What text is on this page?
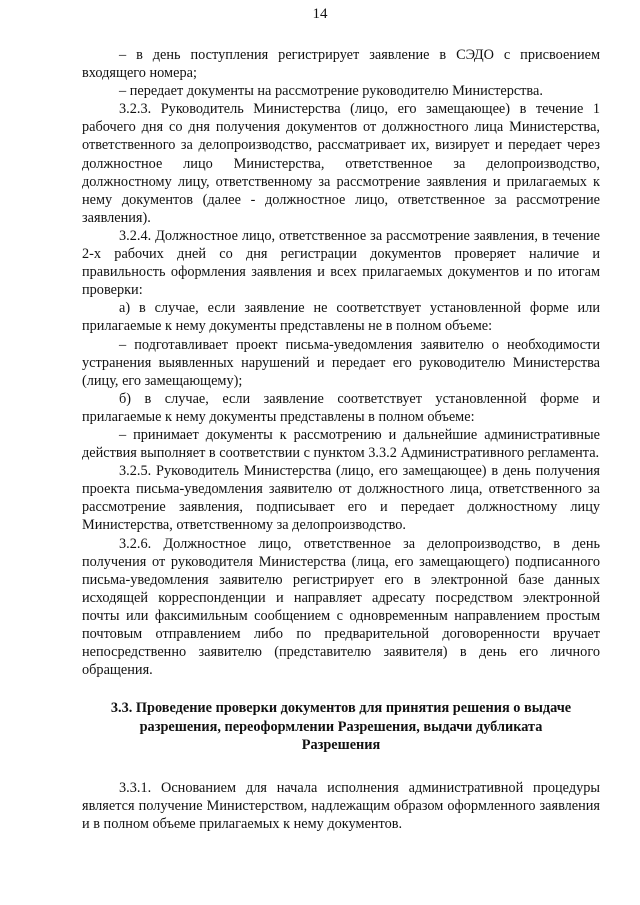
14

– в день поступления регистрирует заявление в СЭДО с присвоением входящего номера;

– передает документы на рассмотрение руководителю Министерства.

3.2.3. Руководитель Министерства (лицо, его замещающее) в течение 1 рабочего дня со дня получения документов от должностного лица Министерства, ответственного за делопроизводство, рассматривает их, визирует и передает через должностное лицо Министерства, ответственное за делопроизводство, должностному лицу, ответственному за рассмотрение заявления и прилагаемых к нему документов (далее - должностное лицо, ответственное за рассмотрение заявления).

3.2.4. Должностное лицо, ответственное за рассмотрение заявления, в течение 2-х рабочих дней со дня регистрации документов проверяет наличие и правильность оформления заявления и всех прилагаемых документов и по итогам проверки:

а) в случае, если заявление не соответствует установленной форме или прилагаемые к нему документы представлены не в полном объеме:

– подготавливает проект письма-уведомления заявителю о необходимости устранения выявленных нарушений и передает его руководителю Министерства (лицу, его замещающему);

б) в случае, если заявление соответствует установленной форме и прилагаемые к нему документы представлены в полном объеме:

– принимает документы к рассмотрению и дальнейшие административные действия выполняет в соответствии с пунктом 3.3.2 Административного регламента.

3.2.5. Руководитель Министерства (лицо, его замещающее) в день получения проекта письма-уведомления заявителю от должностного лица, ответственного за рассмотрение заявления, подписывает его и передает должностному лицу Министерства, ответственному за делопроизводство.

3.2.6. Должностное лицо, ответственное за делопроизводство, в день получения от руководителя Министерства (лица, его замещающего) подписанного письма-уведомления заявителю регистрирует его в электронной базе данных исходящей корреспонденции и направляет адресату посредством электронной почты или факсимильным сообщением с одновременным направлением простым почтовым отправлением либо по предварительной договоренности вручает непосредственно заявителю (представителю заявителя) в день его личного обращения.

3.3. Проведение проверки документов для принятия решения о выдаче
разрешения, переоформлении Разрешения, выдачи дубликата
Разрешения

3.3.1. Основанием для начала исполнения административной процедуры является получение Министерством, надлежащим образом оформленного заявления и в полном объеме прилагаемых к нему документов.
